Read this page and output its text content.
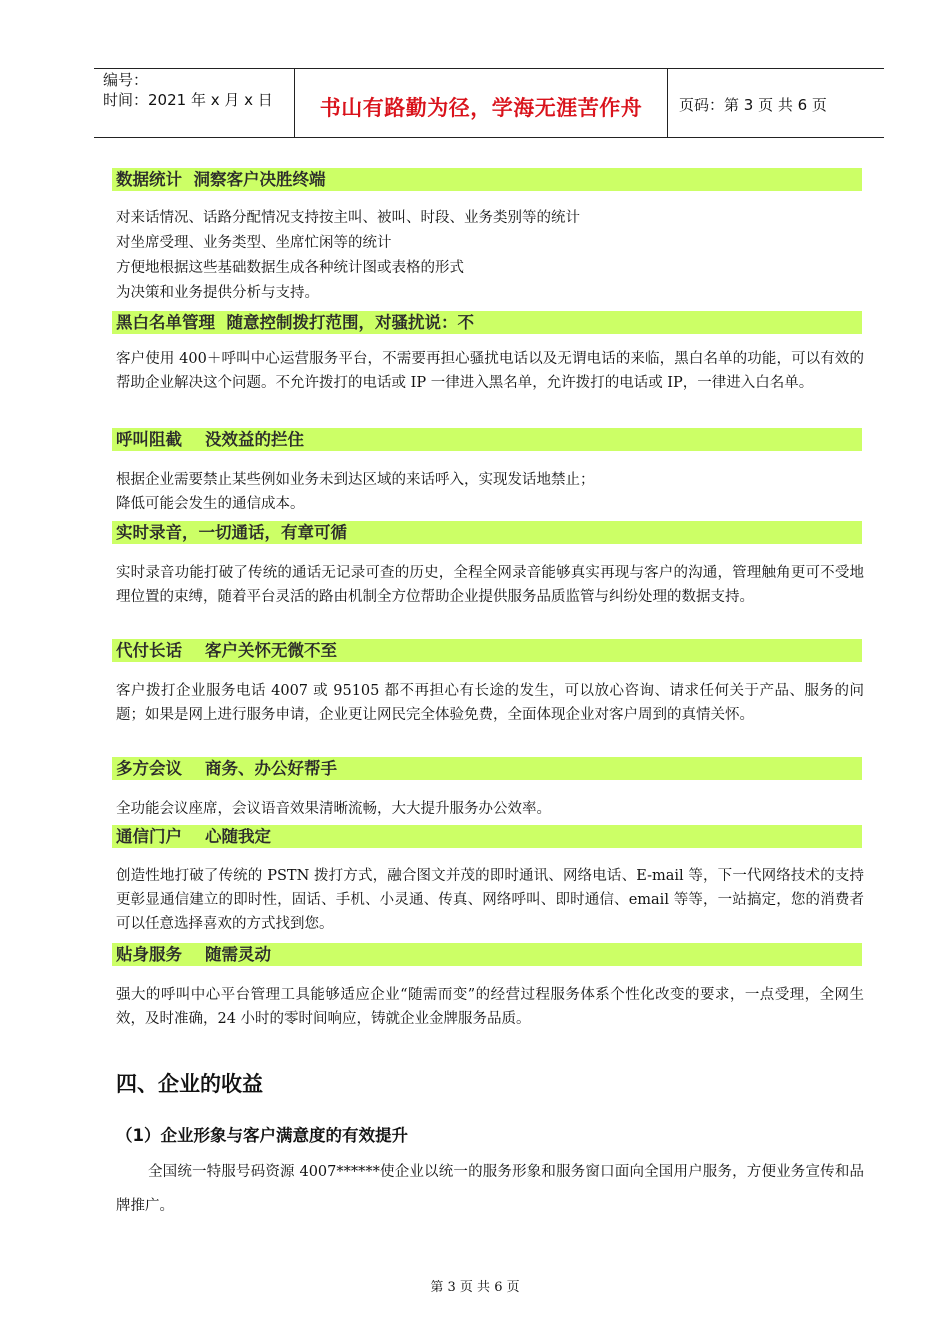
编号：
时间：2021 年 x 月 x 日	书山有路勤为径，学海无涯苦作舟	页码：第 3 页 共 6 页
数据统计  洞察客户决胜终端
对来话情况、话路分配情况支持按主叫、被叫、时段、业务类别等的统计
对坐席受理、业务类型、坐席忙闲等的统计
方便地根据这些基础数据生成各种统计图或表格的形式
为决策和业务提供分析与支持。
黑白名单管理  随意控制拨打范围，对骚扰说：不
客户使用 400＋呼叫中心运营服务平台，不需要再担心骚扰电话以及无谓电话的来临，黑白名单的功能，可以有效的帮助企业解决这个问题。不允许拨打的电话或 IP 一律进入黑名单，允许拨打的电话或 IP，一律进入白名单。
呼叫阻截    没效益的拦住
根据企业需要禁止某些例如业务未到达区域的来话呼入，实现发话地禁止；
降低可能会发生的通信成本。
实时录音，一切通话，有章可循
实时录音功能打破了传统的通话无记录可查的历史，全程全网录音能够真实再现与客户的沟通，管理触角更可不受地理位置的束缚，随着平台灵活的路由机制全方位帮助企业提供服务品质监管与纠纷处理的数据支持。
代付长话    客户关怀无微不至
客户拨打企业服务电话 4007 或 95105 都不再担心有长途的发生，可以放心咨询、请求任何关于产品、服务的问题；如果是网上进行服务申请，企业更让网民完全体验免费，全面体现企业对客户周到的真情关怀。
多方会议    商务、办公好帮手
全功能会议座席，会议语音效果清晰流畅，大大提升服务办公效率。
通信门户    心随我定
创造性地打破了传统的 PSTN 拨打方式，融合图文并茂的即时通讯、网络电话、E-mail 等，下一代网络技术的支持更彰显通信建立的即时性，固话、手机、小灵通、传真、网络呼叫、即时通信、email 等等，一站搞定，您的消费者可以任意选择喜欢的方式找到您。
贴身服务    随需灵动
强大的呼叫中心平台管理工具能够适应企业“随需而变”的经营过程服务体系个性化改变的要求，一点受理，全网生效，及时准确，24 小时的零时间响应，铸就企业金牌服务品质。
四、企业的收益
（1）企业形象与客户满意度的有效提升
全国统一特服号码资源 4007******使企业以统一的服务形象和服务窗口面向全国用户服务，方便业务宣传和品牌推广。
第 3 页 共 6 页
